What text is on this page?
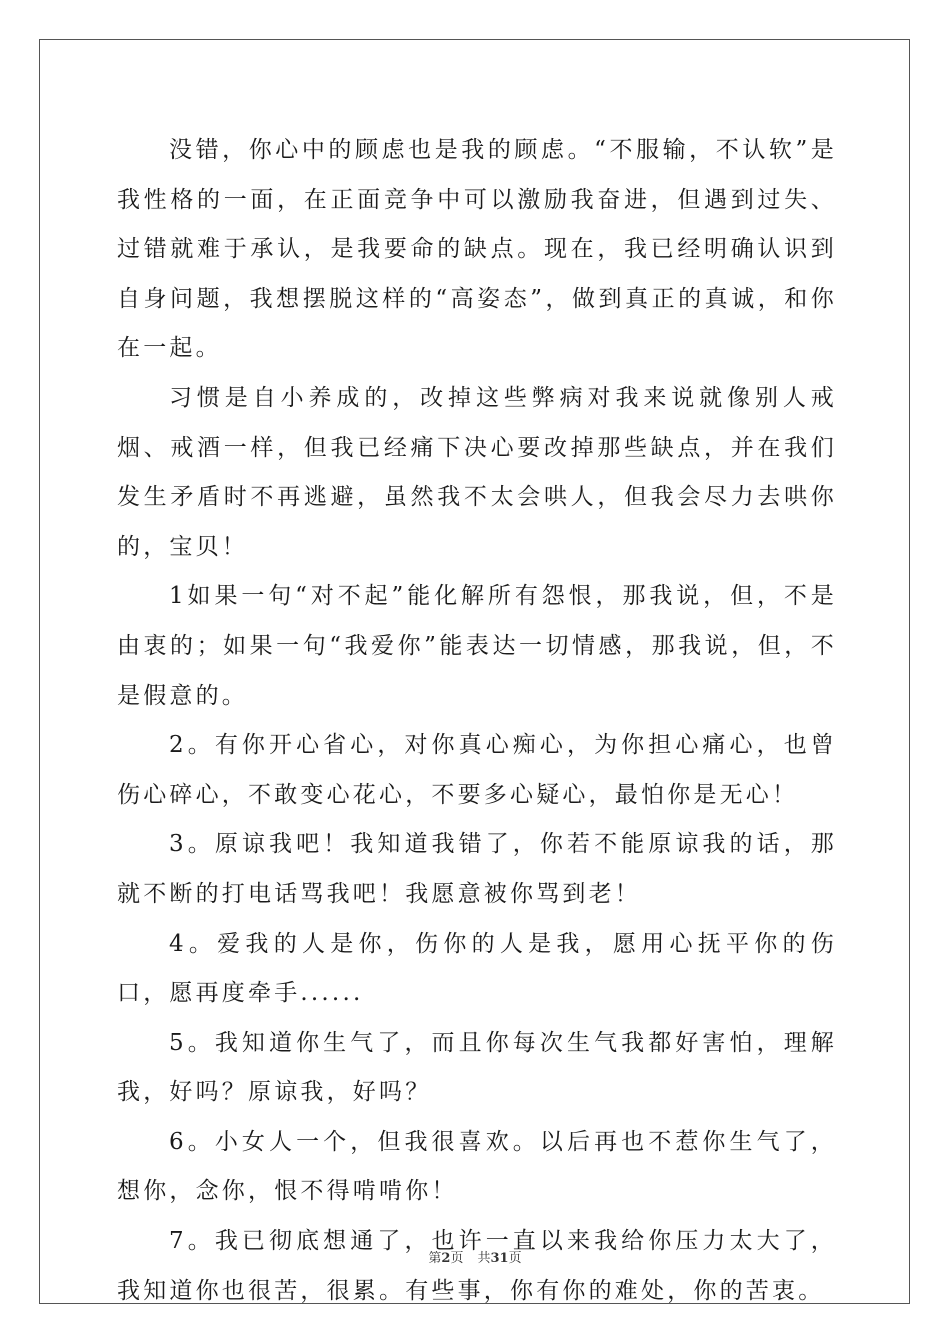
没错，你心中的顾虑也是我的顾虑。“不服输，不认软”是我性格的一面，在正面竞争中可以激励我奋进，但遇到过失、过错就难于承认，是我要命的缺点。现在，我已经明确认识到自身问题，我想摆脱这样的“高姿态”，做到真正的真诚，和你在一起。

习惯是自小养成的，改掉这些弊病对我来说就像别人戒烟、戒酒一样，但我已经痛下决心要改掉那些缺点，并在我们发生矛盾时不再逃避，虽然我不太会哄人，但我会尽力去哄你的，宝贝！

1如果一句“对不起”能化解所有怨恨，那我说，但，不是由衷的；如果一句“我爱你”能表达一切情感，那我说，但，不是假意的。

2。有你开心省心，对你真心痴心，为你担心痛心，也曾伤心碎心，不敢变心花心，不要多心疑心，最怕你是无心！

3。原谅我吧！我知道我错了，你若不能原谅我的话，那就不断的打电话骂我吧！我愿意被你骂到老！

4。爱我的人是你，伤你的人是我，愿用心抚平你的伤口，愿再度牵手......

5。我知道你生气了，而且你每次生气我都好害怕，理解我，好吗？原谅我，好吗？

6。小女人一个，但我很喜欢。以后再也不惹你生气了，想你，念你，恨不得啃啃你！

7。我已彻底想通了，也许一直以来我给你压力太大了，我知道你也很苦，很累。有些事，你有你的难处，你的苦衷。

第2页 共31页
